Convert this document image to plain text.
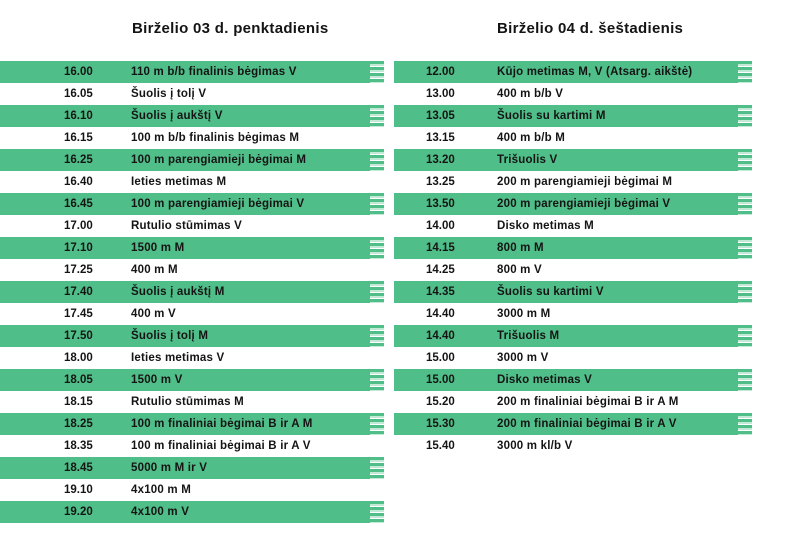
Birželio 03 d. penktadienis
16.00	110 m b/b finalinis bėgimas V
16.05	Šuolis į tolį V
16.10	Šuolis į aukštį V
16.15	100 m b/b finalinis bėgimas M
16.25	100 m parengiamieji bėgimai M
16.40	Ieties metimas M
16.45	100 m parengiamieji bėgimai V
17.00	Rutulio stūmimas V
17.10	1500 m M
17.25	400 m M
17.40	Šuolis į aukštį M
17.45	400 m V
17.50	Šuolis į tolį M
18.00	Ieties metimas V
18.05	1500 m V
18.15	Rutulio stūmimas M
18.25	100 m finaliniai bėgimai B ir A M
18.35	100 m finaliniai bėgimai B ir A V
18.45	5000 m M ir V
19.10	4x100 m M
19.20	4x100 m V
Birželio 04 d. šeštadienis
12.00	Kūjo metimas M, V (Atsarg. aikštė)
13.00	400 m b/b V
13.05	Šuolis su kartimi M
13.15	400 m b/b M
13.20	Trišuolis V
13.25	200 m parengiamieji bėgimai M
13.50	200 m parengiamieji bėgimai V
14.00	Disko metimas M
14.15	800 m M
14.25	800 m V
14.35	Šuolis su kartimi V
14.40	3000 m M
14.40	Trišuolis M
15.00	3000 m V
15.00	Disko metimas V
15.20	200 m finaliniai bėgimai B ir A M
15.30	200 m finaliniai bėgimai B ir A V
15.40	3000 m kl/b V
